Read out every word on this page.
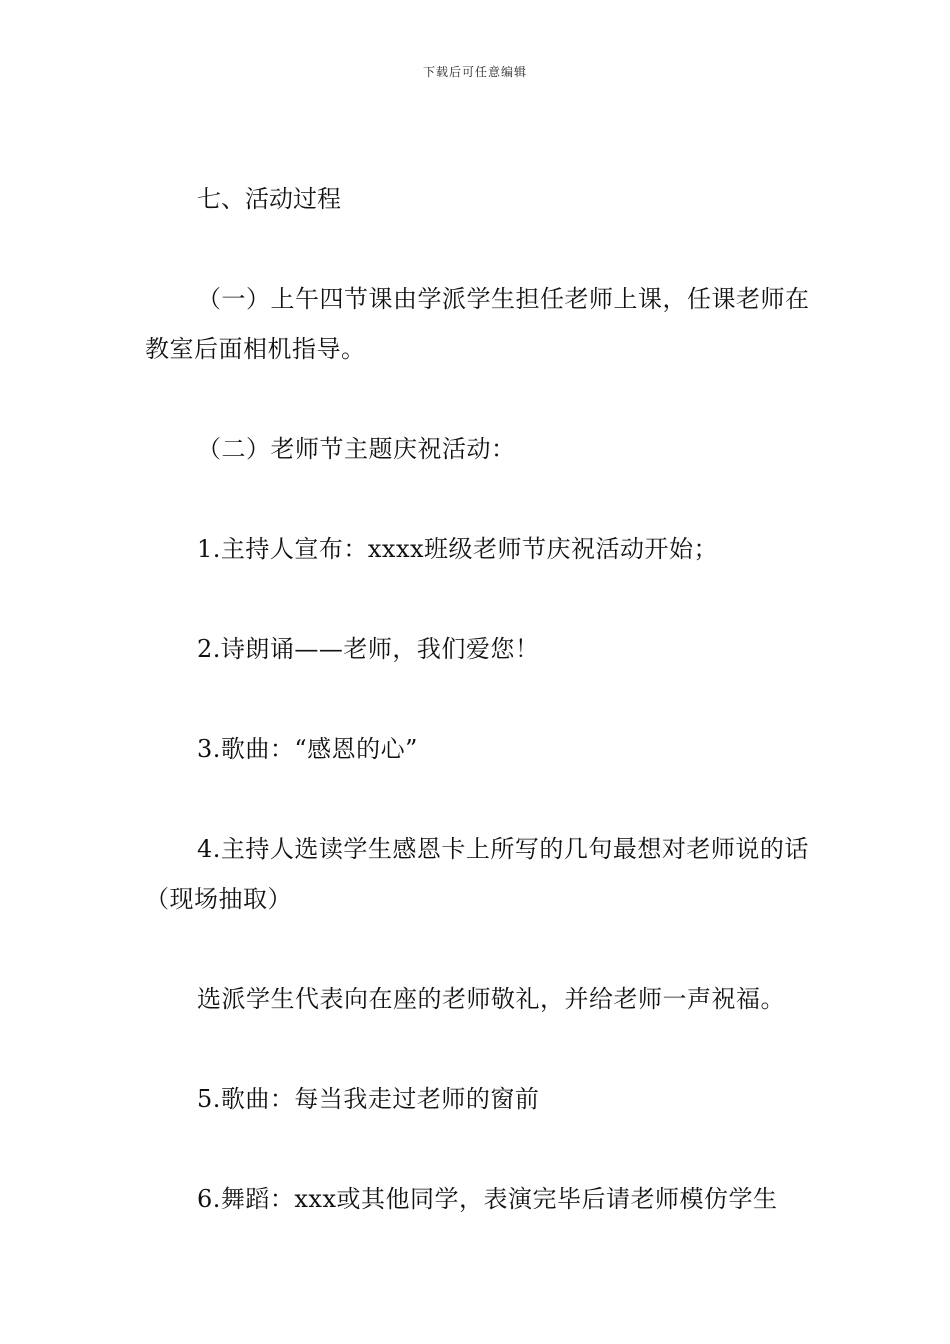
下载后可任意编辑

七、活动过程

（一）上午四节课由学派学生担任老师上课，任课老师在教室后面相机指导。

（二）老师节主题庆祝活动：

1.主持人宣布：xxxx班级老师节庆祝活动开始；

2.诗朗诵——老师，我们爱您！

3.歌曲：“感恩的心”

4.主持人选读学生感恩卡上所写的几句最想对老师说的话（现场抽取）

选派学生代表向在座的老师敬礼，并给老师一声祝福。

5.歌曲：每当我走过老师的窗前

6.舞蹈：xxx或其他同学，表演完毕后请老师模仿学生
